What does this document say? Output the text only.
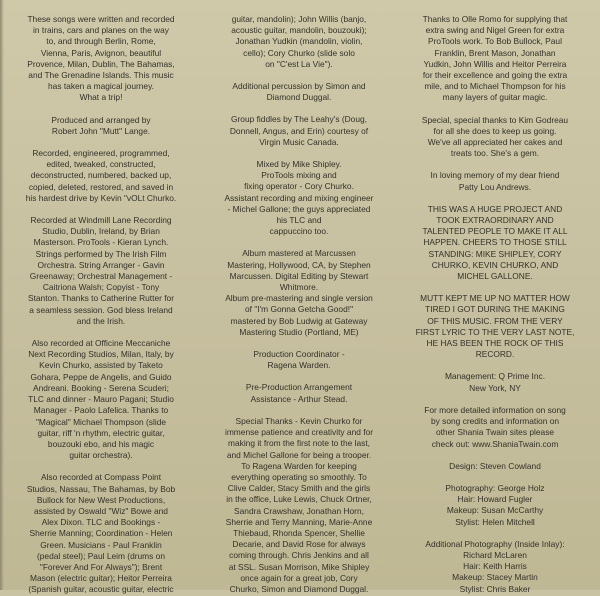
These songs were written and recorded
in trains, cars and planes on the way
to, and through Berlin, Rome,
Vienna, Paris, Avignon, beautiful
Provence, Milan, Dublin, The Bahamas,
and The Grenadine Islands. This music
has taken a magical journey.
What a trip!

Produced and arranged by
Robert John "Mutt" Lange.

Recorded, engineered, programmed,
edited, tweaked, constructed,
deconstructed, numbered, backed up,
copied, deleted, restored, and saved in
his hardest drive by Kevin "vOLt Churko.

Recorded at Windmill Lane Recording
Studio, Dublin, Ireland, by Brian
Masterson. ProTools - Kieran Lynch.
Strings performed by The Irish Film
Orchestra. String Arranger - Gavin
Greenaway; Orchestral Management -
Caitriona Walsh; Copyist - Tony
Stanton. Thanks to Catherine Rutter for
a seamless session. God bless Ireland
and the Irish.

Also recorded at Officine Meccaniche
Next Recording Studios, Milan, Italy, by
Kevin Churko, assisted by Taketo
Gohara, Peppe de Angelis, and Guido
Andreani. Booking - Serena Scuderi;
TLC and dinner - Mauro Pagani; Studio
Manager - Paolo Lafelica. Thanks to
"Magical" Michael Thompson (slide
guitar, riff 'n rhythm, electric guitar,
bouzouki ebo, and his magic
guitar orchestra).

Also recorded at Compass Point
Studios, Nassau, The Bahamas, by Bob
Bullock for New West Productions,
assisted by Oswald "Wiz" Bowe and
Alex Dixon. TLC and Bookings -
Sherrie Manning; Coordination - Helen
Green. Musicians - Paul Franklin
(pedal steel); Paul Leim (drums on
"Forever And For Always"); Brent
Mason (electric guitar); Heitor Perreira
(Spanish guitar, acoustic guitar, electric

guitar, mandolin); John Willis (banjo,
acoustic guitar, mandolin, bouzouki);
Jonathan Yudkin (mandolin, violin,
cello); Cory Churko (slide solo
on "C'est La Vie").

Additional percussion by Simon and
Diamond Duggal.

Group fiddles by The Leahy's (Doug,
Donnell, Angus, and Erin) courtesy of
Virgin Music Canada.

Mixed by Mike Shipley.
ProTools mixing and
fixing operator - Cory Churko.
Assistant recording and mixing engineer
- Michel Gallone; the guys appreciated
his TLC and
cappuccino too.

Album mastered at Marcussen
Mastering, Hollywood, CA, by Stephen
Marcussen. Digital Editing by Stewart
Whitmore.
Album pre-mastering and single version
of "I'm Gonna Getcha Good!"
mastered by Bob Ludwig at Gateway
Mastering Studio (Portland, ME)

Production Coordinator -
Ragena Warden.

Pre-Production Arrangement
Assistance - Arthur Stead.

Special Thanks - Kevin Churko for
immense patience and creativity and for
making it from the first note to the last,
and Michel Gallone for being a trooper.
To Ragena Warden for keeping
everything operating so smoothly. To
Clive Calder, Stacy Smith and the girls
in the office, Luke Lewis, Chuck Ortner,
Sandra Crawshaw, Jonathan Horn,
Sherrie and Terry Manning, Marie-Anne
Thiebaud, Rhonda Spencer, Shellie
Decarie, and David Rose for always
coming through. Chris Jenkins and all
at SSL. Susan Morrison, Mike Shipley
once again for a great job, Cory
Churko, Simon and Diamond Duggal.

Thanks to Olle Romo for supplying that
extra swing and Nigel Green for extra
ProTools work. To Bob Bullock, Paul
Franklin, Brent Mason, Jonathan
Yudkin, John Willis and Heitor Perreira
for their excellence and going the extra
mile, and to Michael Thompson for his
many layers of guitar magic.

Special, special thanks to Kim Godreau
for all she does to keep us going.
We've all appreciated her cakes and
treats too. She's a gem.

In loving memory of my dear friend
Patty Lou Andrews.

THIS WAS A HUGE PROJECT AND
TOOK EXTRAORDINARY AND
TALENTED PEOPLE TO MAKE IT ALL
HAPPEN. CHEERS TO THOSE STILL
STANDING: MIKE SHIPLEY, CORY
CHURKO, KEVIN CHURKO, AND
MICHEL GALLONE.

MUTT KEPT ME UP NO MATTER HOW
TIRED I GOT DURING THE MAKING
OF THIS MUSIC. FROM THE VERY
FIRST LYRIC TO THE VERY LAST NOTE,
HE HAS BEEN THE ROCK OF THIS
RECORD.

Management: Q Prime Inc.
New York, NY

For more detailed information on song
by song credits and information on
other Shania Twain sites please
check out: www.ShaniaTwain.com

Design: Steven Cowland

Photography: George Holz
Hair: Howard Fugler
Makeup: Susan McCarthy
Stylist: Helen Mitchell

Additional Photography (Inside Inlay):
Richard McLaren
Hair: Keith Harris
Makeup: Stacey Martin
Stylist: Chris Baker
